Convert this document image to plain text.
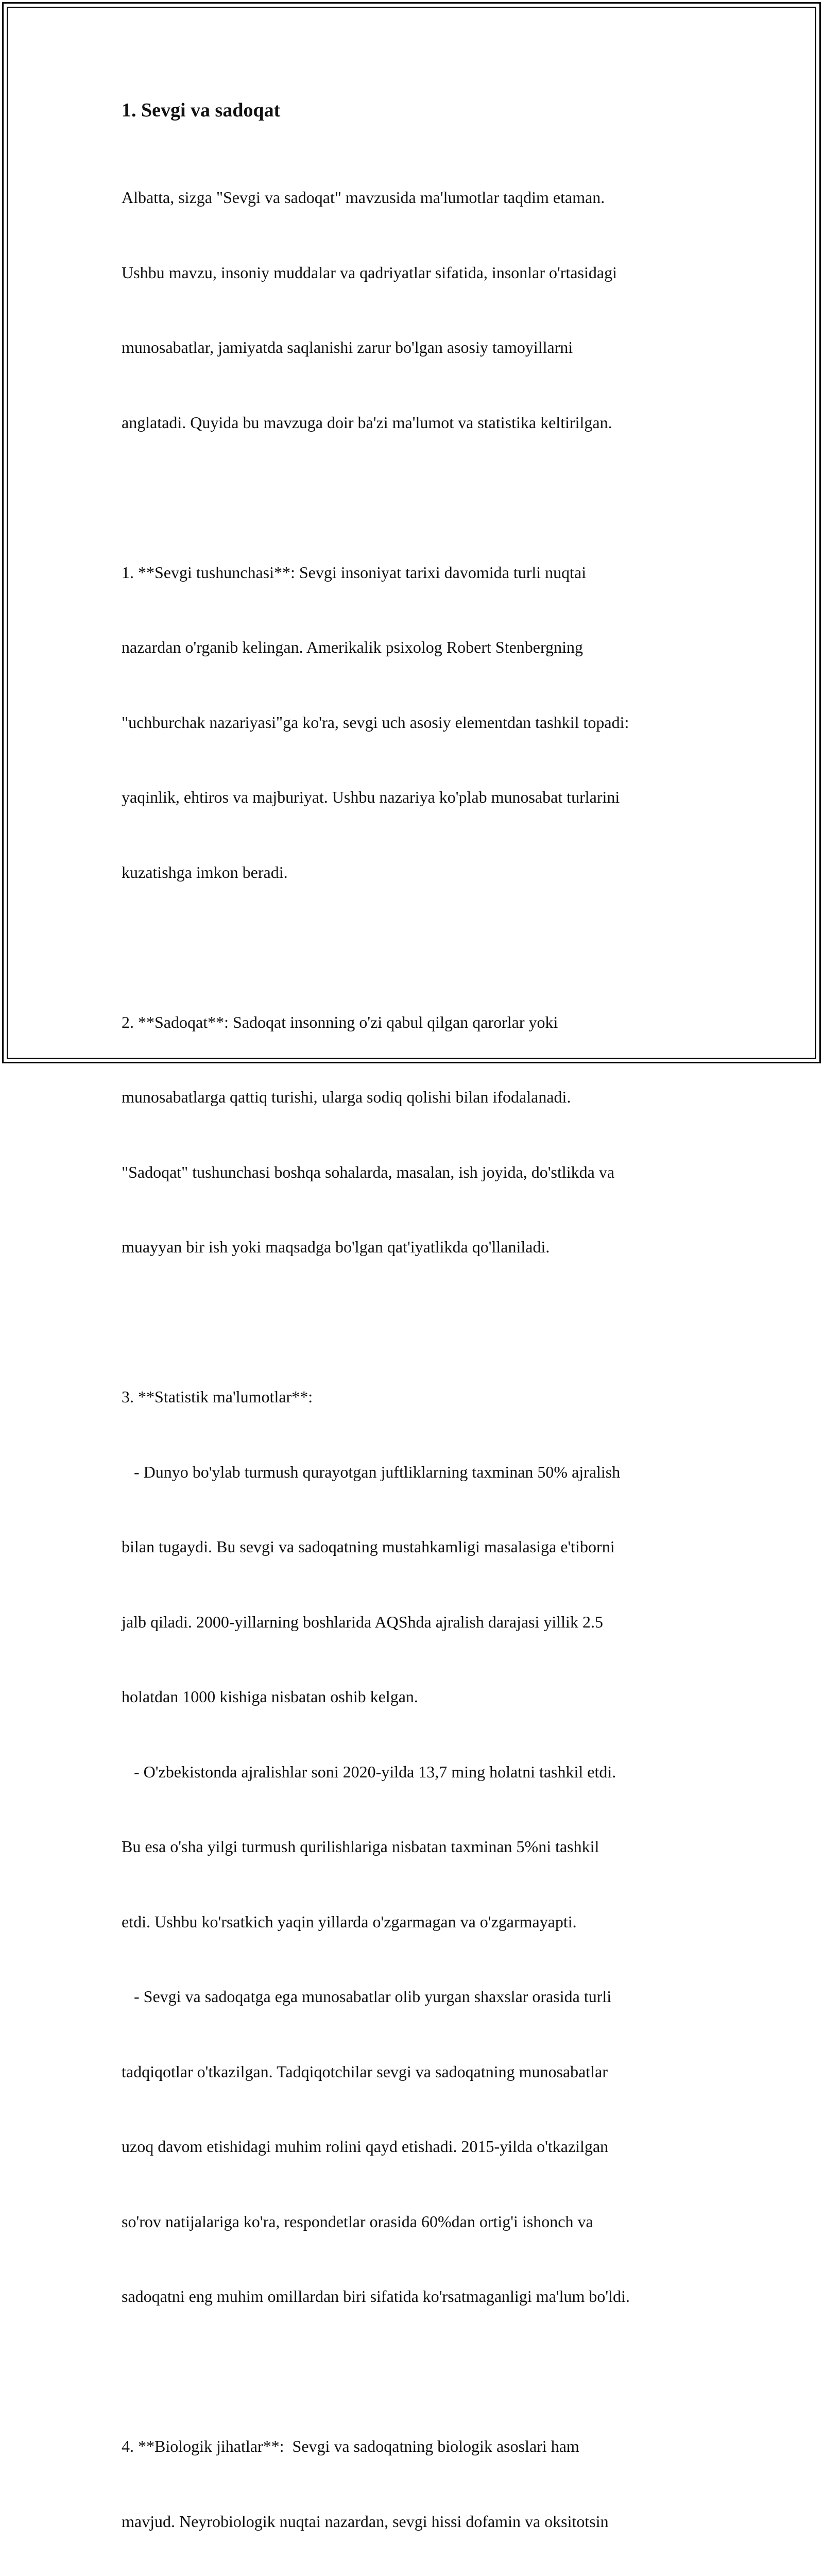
1. Sevgi va sadoqat

Albatta, sizga "Sevgi va sadoqat" mavzusida ma'lumotlar taqdim etaman.

Ushbu mavzu, insoniy muddalar va qadriyatlar sifatida, insonlar o'rtasidagi

munosabatlar, jamiyatda saqlanishi zarur bo'lgan asosiy tamoyillarni

anglatadi. Quyida bu mavzuga doir ba'zi ma'lumot va statistika keltirilgan.

1. **Sevgi tushunchasi**: Sevgi insoniyat tarixi davomida turli nuqtai

nazardan o'rganib kelingan. Amerikalik psixolog Robert Stenbergning

"uchburchak nazariyasi"ga ko'ra, sevgi uch asosiy elementdan tashkil topadi:

yaqinlik, ehtiros va majburiyat. Ushbu nazariya ko'plab munosabat turlarini

kuzatishga imkon beradi.

2. **Sadoqat**: Sadoqat insonning o'zi qabul qilgan qarorlar yoki

munosabatlarga qattiq turishi, ularga sodiq qolishi bilan ifodalanadi.

"Sadoqat" tushunchasi boshqa sohalarda, masalan, ish joyida, do'stlikda va

muayyan bir ish yoki maqsadga bo'lgan qat'iyatlikda qo'llaniladi.

3. **Statistik ma'lumotlar**:

- Dunyo bo'ylab turmush qurayotgan juftliklarning taxminan 50% ajralish

bilan tugaydi. Bu sevgi va sadoqatning mustahkamligi masalasiga e'tiborni

jalb qiladi. 2000-yillarning boshlarida AQShda ajralish darajasi yillik 2.5

holatdan 1000 kishiga nisbatan oshib kelgan.

- O'zbekistonda ajralishlar soni 2020-yilda 13,7 ming holatni tashkil etdi.

Bu esa o'sha yilgi turmush qurilishlariga nisbatan taxminan 5%ni tashkil

etdi. Ushbu ko'rsatkich yaqin yillarda o'zgarmagan va o'zgarmayapti.

- Sevgi va sadoqatga ega munosabatlar olib yurgan shaxslar orasida turli

tadqiqotlar o'tkazilgan. Tadqiqotchilar sevgi va sadoqatning munosabatlar

uzoq davom etishidagi muhim rolini qayd etishadi. 2015-yilda o'tkazilgan

so'rov natijalariga ko'ra, respondetlar orasida 60%dan ortig'i ishonch va

sadoqatni eng muhim omillardan biri sifatida ko'rsatmaganligi ma'lum bo'ldi.

4. **Biologik jihatlar**:  Sevgi va sadoqatning biologik asoslari ham

mavjud. Neyrobiologik nuqtai nazardan, sevgi hissi dofamin va oksitotsin
